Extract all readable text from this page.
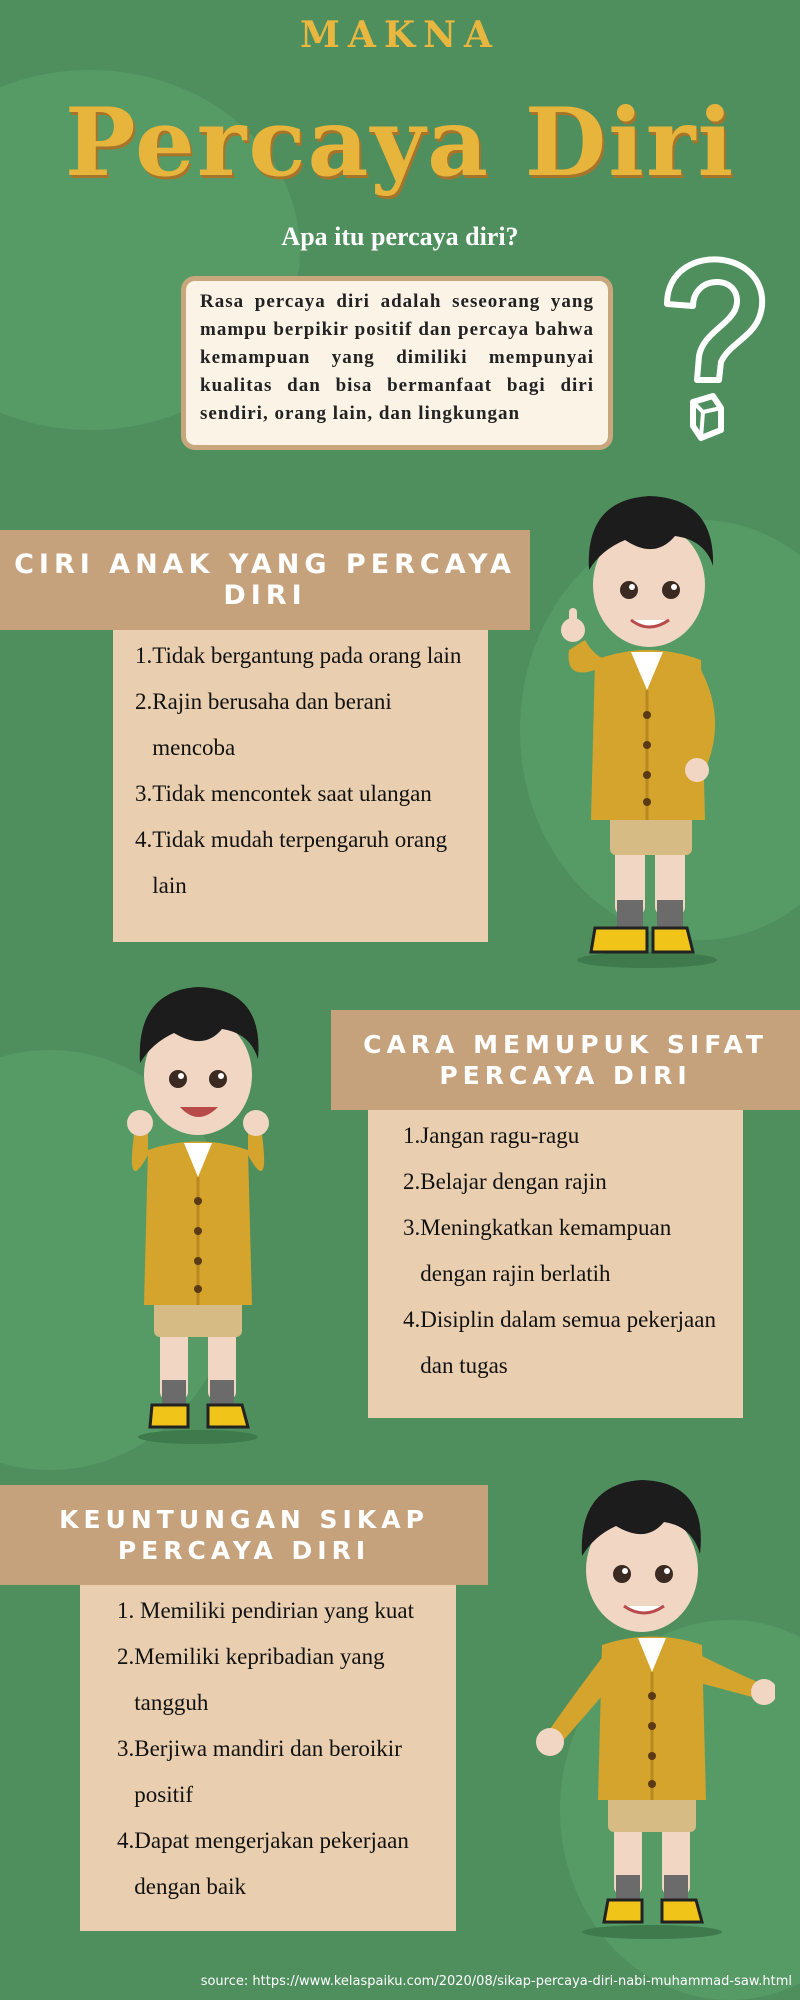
MAKNA
Percaya Diri
Apa itu percaya diri?

Rasa percaya diri adalah seseorang yang mampu berpikir positif dan percaya bahwa kemampuan yang dimiliki mempunyai kualitas dan bisa bermanfaat bagi diri sendiri, orang lain, dan lingkungan

CIRI ANAK YANG PERCAYA DIRI
1. Tidak bergantung pada orang lain
2. Rajin berusaha dan berani mencoba
3. Tidak mencontek saat ulangan
4. Tidak mudah terpengaruh orang lain
CARA MEMUPUK SIFAT PERCAYA DIRI
1. Jangan ragu-ragu
2. Belajar dengan rajin
3. Meningkatkan kemampuan dengan rajin berlatih
4. Disiplin dalam semua pekerjaan dan tugas
KEUNTUNGAN SIKAP PERCAYA DIRI
1. Memiliki pendirian yang kuat
2. Memiliki kepribadian yang tangguh
3. Berjiwa mandiri dan beroikir positif
4. Dapat mengerjakan pekerjaan dengan baik
source: https://www.kelaspaiku.com/2020/08/sikap-percaya-diri-nabi-muhammad-saw.html
